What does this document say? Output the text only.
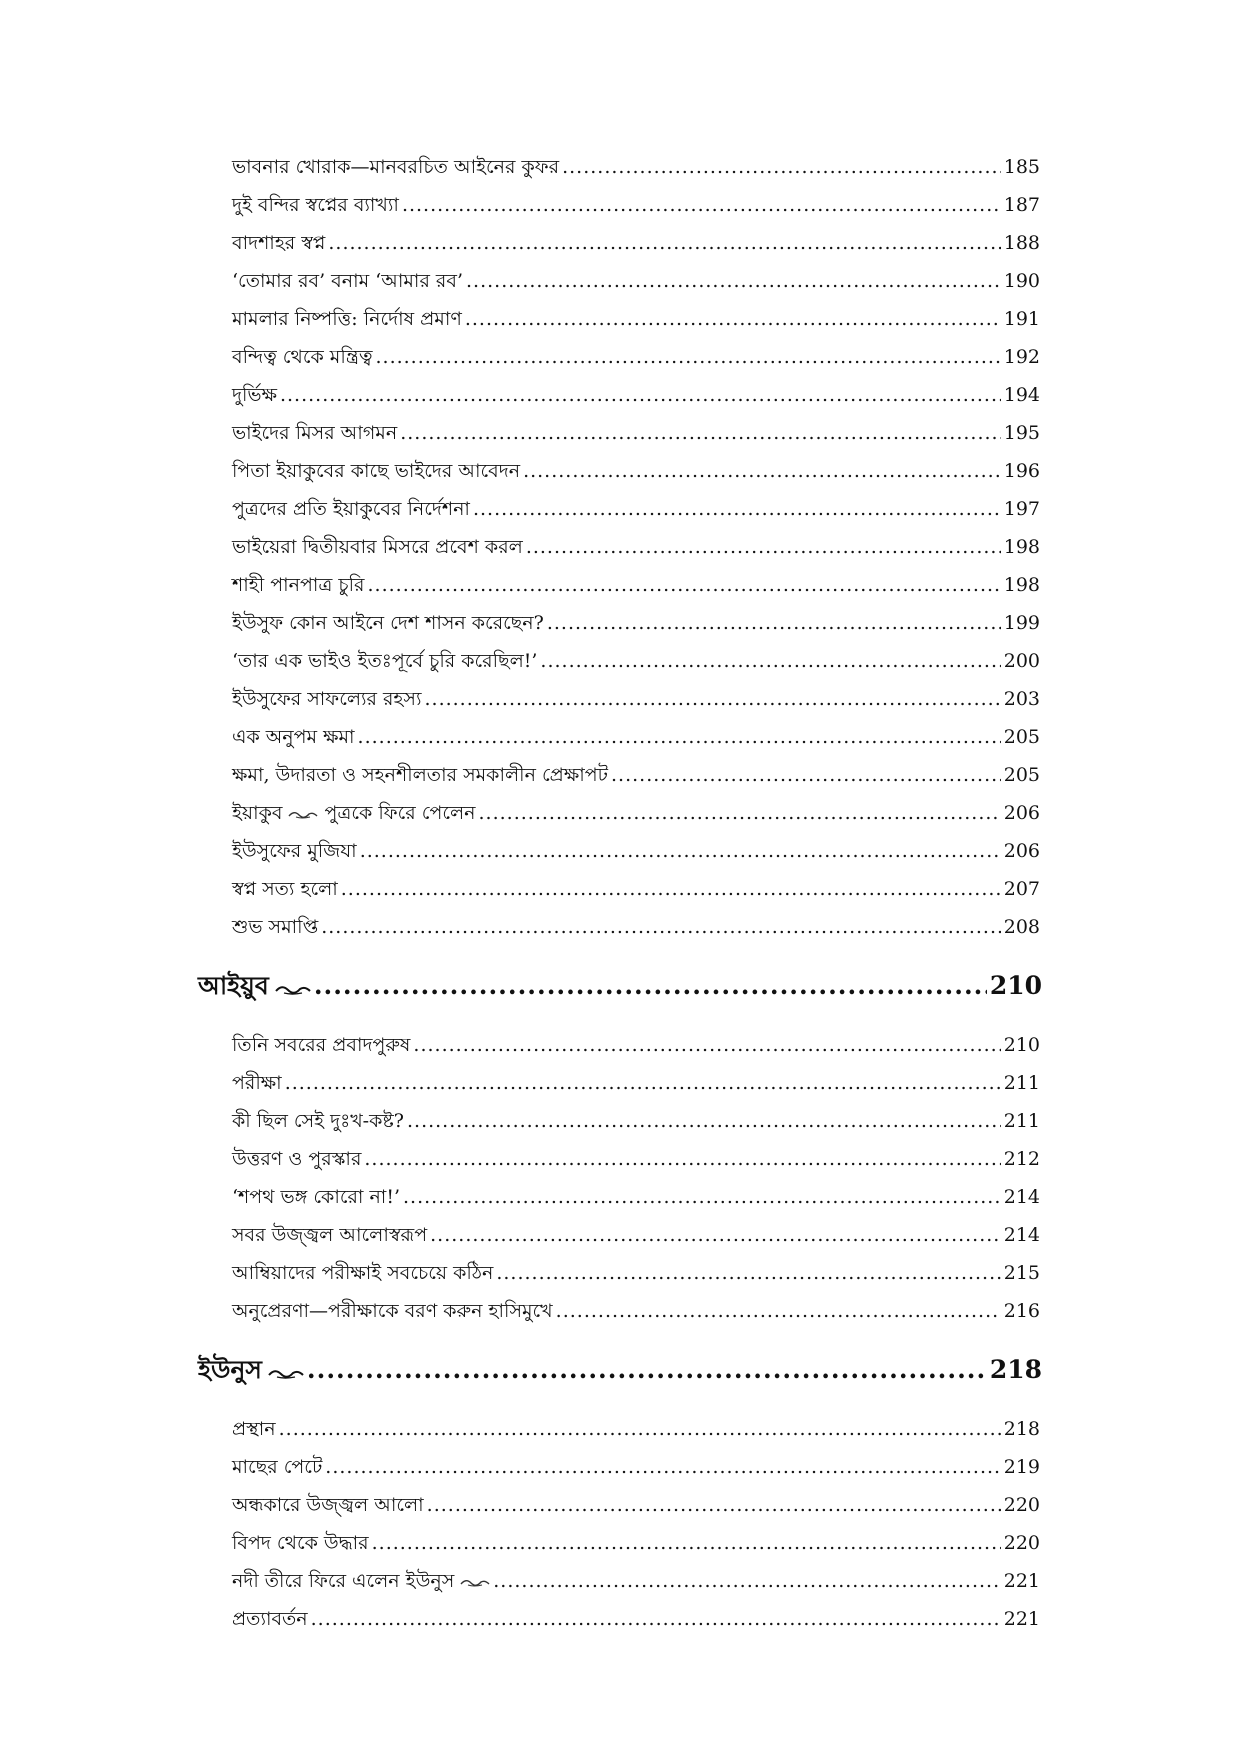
ভাবনার খোরাক—মানবরচিত আইনের কুফর .....	185
দুই বন্দির স্বপ্নের ব্যাখ্যা .....	187
বাদশাহর স্বপ্ন .....	188
‘তোমার রব’ বনাম ‘আমার রব’ .....	190
মামলার নিষ্পত্তি: নির্দোষ প্রমাণ .....	191
বন্দিত্ব থেকে মন্ত্রিত্ব .....	192
দুর্ভিক্ষ .....	194
ভাইদের মিসর আগমন .....	195
পিতা ইয়াকুবের কাছে ভাইদের আবেদন .....	196
পুত্রদের প্রতি ইয়াকুবের নির্দেশনা .....	197
ভাইয়েরা দ্বিতীয়বার মিসরে প্রবেশ করল .....	198
শাহী পানপাত্র চুরি .....	198
ইউসুফ কোন আইনে দেশ শাসন করেছেন? .....	199
‘তার এক ভাইও ইতঃপূর্বে চুরি করেছিল!’ .....	200
ইউসুফের সাফল্যের রহস্য .....	203
এক অনুপম ক্ষমা .....	205
ক্ষমা, উদারতা ও সহনশীলতার সমকালীন প্রেক্ষাপট .....	205
ইয়াকুব পুত্রকে ফিরে পেলেন .....	206
ইউসুফের মুজিযা .....	206
স্বপ্ন সত্য হলো .....	207
শুভ সমাপ্তি .....	208
আইয়ুব .....	210
তিনি সবরের প্রবাদপুরুষ .....	210
পরীক্ষা .....	211
কী ছিল সেই দুঃখ-কষ্ট? .....	211
উত্তরণ ও পুরস্কার .....	212
‘শপথ ভঙ্গ কোরো না!’ .....	214
সবর উজ্জ্বল আলোস্বরূপ .....	214
আম্বিয়াদের পরীক্ষাই সবচেয়ে কঠিন .....	215
অনুপ্রেরণা—পরীক্ষাকে বরণ করুন হাসিমুখে .....	216
ইউনুস .....	218
প্রস্থান .....	218
মাছের পেটে .....	219
অন্ধকারে উজ্জ্বল আলো .....	220
বিপদ থেকে উদ্ধার .....	220
নদী তীরে ফিরে এলেন ইউনুস .....	221
প্রত্যাবর্তন .....	221
